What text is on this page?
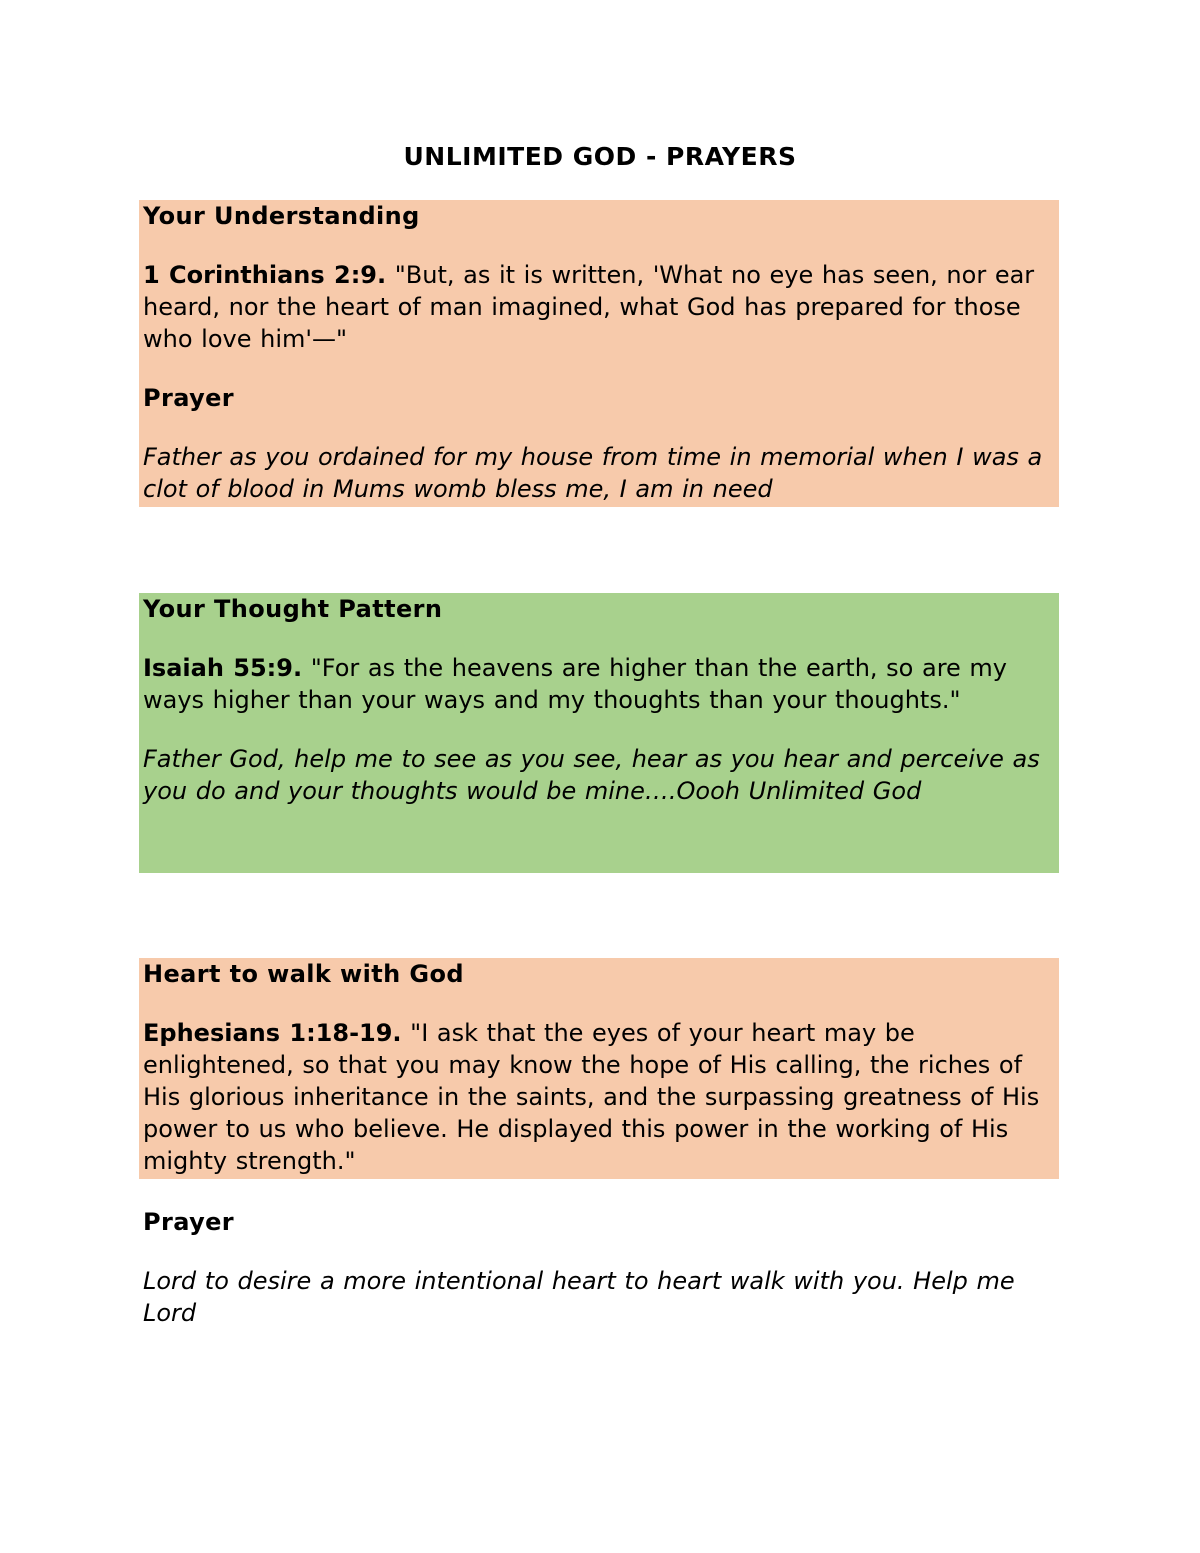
UNLIMITED GOD - PRAYERS

Your Understanding

1 Corinthians 2:9. "But, as it is written, 'What no eye has seen, nor ear heard, nor the heart of man imagined, what God has prepared for those who love him'—"

Prayer

Father as you ordained for my house from time in memorial when I was a clot of blood in Mums womb bless me, I am in need

Your Thought Pattern

Isaiah 55:9. "For as the heavens are higher than the earth, so are my ways higher than your ways and my thoughts than your thoughts."

Father God, help me to see as you see, hear as you hear and perceive as you do and your thoughts would be mine….Oooh Unlimited God

Heart to walk with God

Ephesians 1:18-19. "I ask that the eyes of your heart may be enlightened, so that you may know the hope of His calling, the riches of His glorious inheritance in the saints, and the surpassing greatness of His power to us who believe. He displayed this power in the working of His mighty strength."

Prayer

Lord to desire a more intentional heart to heart walk with you. Help me Lord
